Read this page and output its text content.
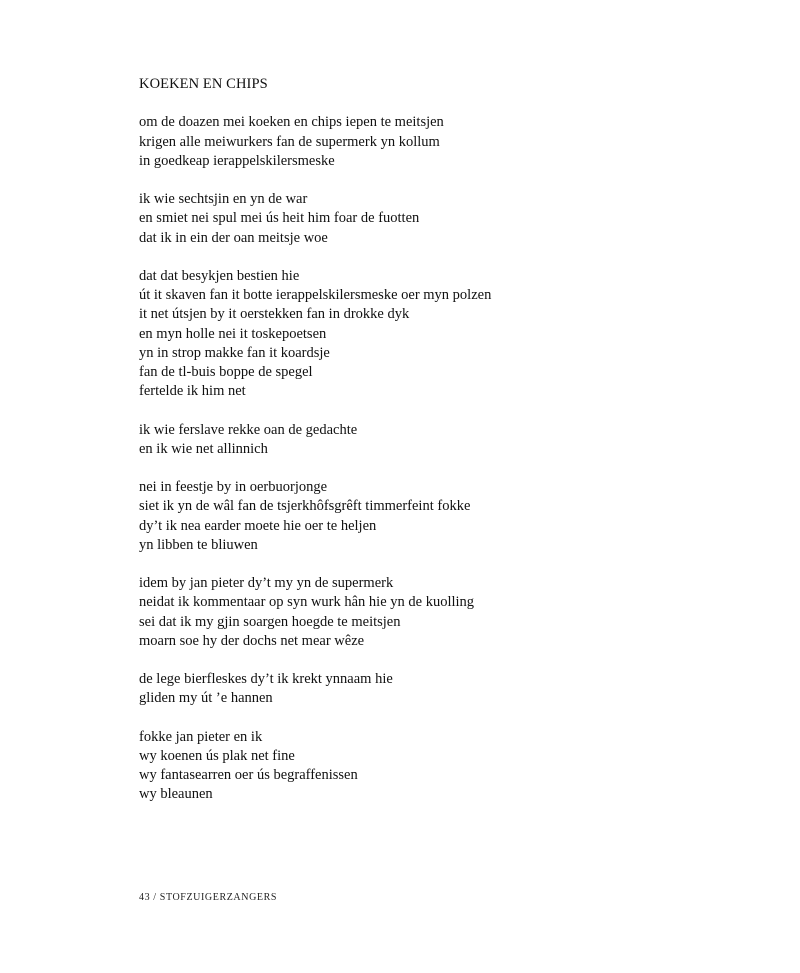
KOEKEN EN CHIPS
om de doazen mei koeken en chips iepen te meitsjen
krigen alle meiwurkers fan de supermerk yn kollum
in goedkeap ierappelskilersmeske
ik wie sechtsjin en yn de war
en smiet nei spul mei ús heit him foar de fuotten
dat ik in ein der oan meitsje woe
dat dat besykjen bestien hie
út it skaven fan it botte ierappelskilersmeske oer myn polzen
it net útsjen by it oerstekken fan in drokke dyk
en myn holle nei it toskepoetsen
yn in strop makke fan it koardsje
fan de tl-buis boppe de spegel
fertelde ik him net
ik wie ferslave rekke oan de gedachte
en ik wie net allinnich
nei in feestje by in oerbuorjonge
siet ik yn de wâl fan de tsjerkhôfsgrêft timmerfeint fokke
dy’t ik nea earder moete hie oer te heljen
yn libben te bliuwen
idem by jan pieter dy’t my yn de supermerk
neidat ik kommentaar op syn wurk hân hie yn de kuolling
sei dat ik my gjin soargen hoegde te meitsjen
moarn soe hy der dochs net mear wêze
de lege bierfleskes dy’t ik krekt ynnaam hie
gliden my út ’e hannen
fokke jan pieter en ik
wy koenen ús plak net fine
wy fantasearren oer ús begraffenissen
wy bleaunen
43 / STOFZUIGERZANGERS
